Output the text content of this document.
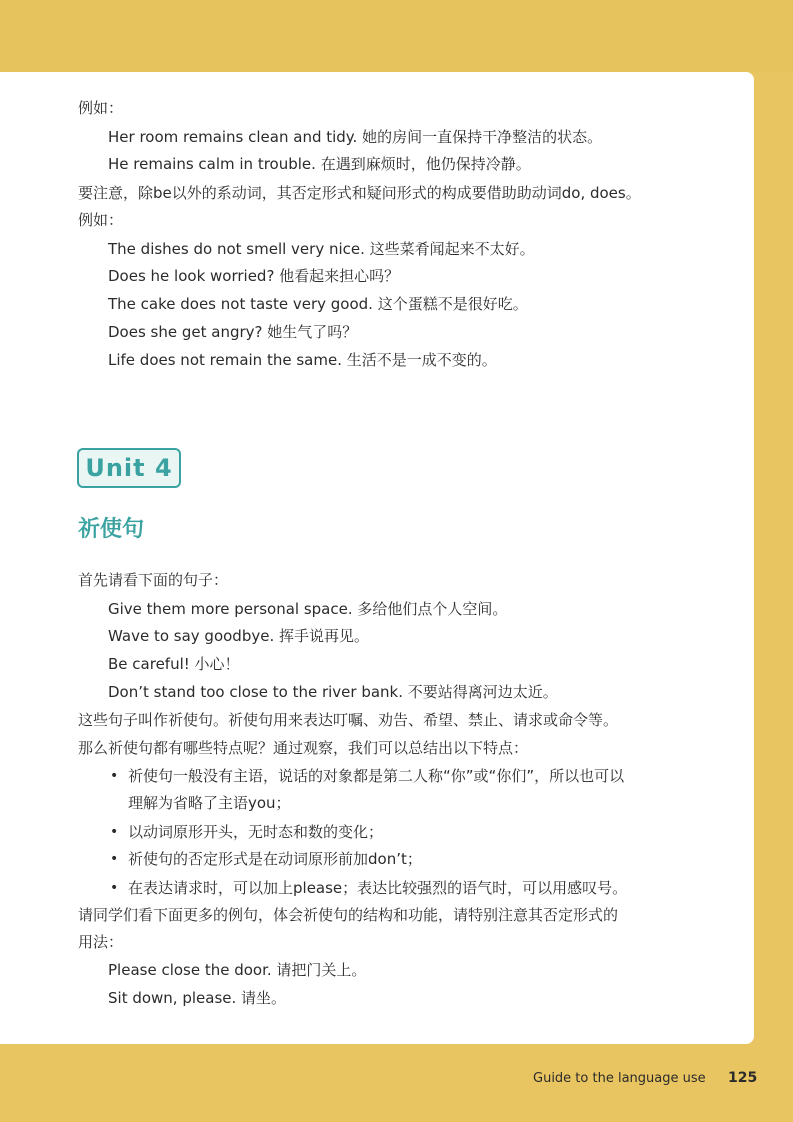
例如：
Her room remains clean and tidy. 她的房间一直保持干净整洁的状态。
He remains calm in trouble. 在遇到麻烦时，他仍保持冷静。
要注意，除be以外的系动词，其否定形式和疑问形式的构成要借助助动词do, does。
例如：
The dishes do not smell very nice. 这些菜肴闻起来不太好。
Does he look worried? 他看起来担心吗？
The cake does not taste very good. 这个蛋糕不是很好吃。
Does she get angry? 她生气了吗？
Life does not remain the same. 生活不是一成不变的。
Unit 4
祈使句
首先请看下面的句子：
Give them more personal space. 多给他们点个人空间。
Wave to say goodbye. 挥手说再见。
Be careful! 小心！
Don’t stand too close to the river bank. 不要站得离河边太近。
这些句子叫作祈使句。祈使句用来表达叮嘱、劝告、希望、禁止、请求或命令等。
那么祈使句都有哪些特点呢？通过观察，我们可以总结出以下特点：
• 祈使句一般没有主语，说话的对象都是第二人称“你”或“你们”，所以也可以
理解为省略了主语you；
• 以动词原形开头，无时态和数的变化；
• 祈使句的否定形式是在动词原形前加don’t；
• 在表达请求时，可以加上please；表达比较强烈的语气时，可以用感叹号。
请同学们看下面更多的例句，体会祈使句的结构和功能，请特别注意其否定形式的
用法：
Please close the door. 请把门关上。
Sit down, please. 请坐。
Guide to the language use 125
